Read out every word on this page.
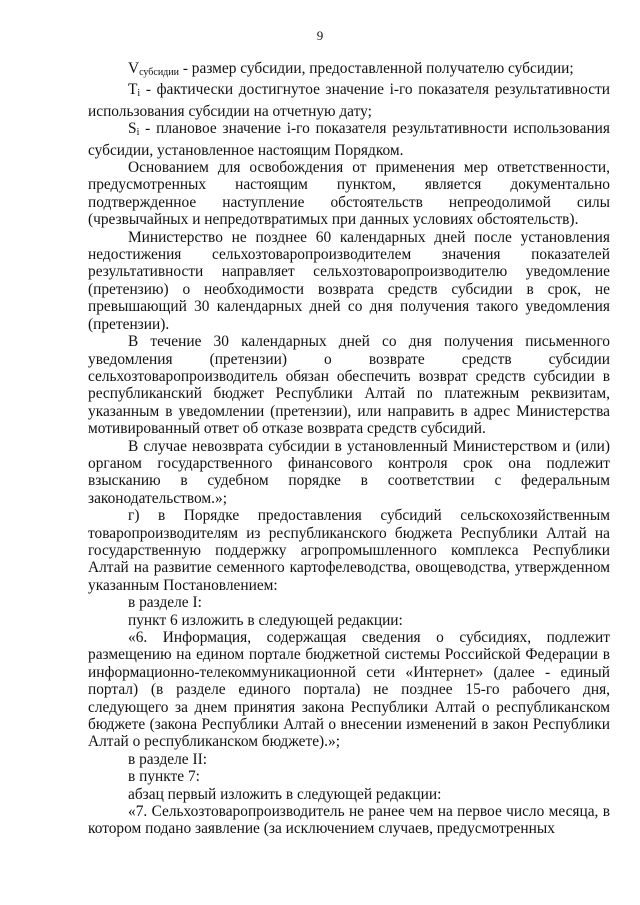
9

$V_{субсидии}$ - размер субсидии, предоставленной получателю субсидии;

$T_i$ - фактически достигнутое значение i-го показателя результативности использования субсидии на отчетную дату;

$S_i$ - плановое значение i-го показателя результативности использования субсидии, установленное настоящим Порядком.

Основанием для освобождения от применения мер ответственности, предусмотренных настоящим пунктом, является документально подтвержденное наступление обстоятельств непреодолимой силы (чрезвычайных и непредотвратимых при данных условиях обстоятельств).

Министерство не позднее 60 календарных дней после установления недостижения сельхозтоваропроизводителем значения показателей результативности направляет сельхозтоваропроизводителю уведомление (претензию) о необходимости возврата средств субсидии в срок, не превышающий 30 календарных дней со дня получения такого уведомления (претензии).

В течение 30 календарных дней со дня получения письменного уведомления (претензии) о возврате средств субсидии сельхозтоваропроизводитель обязан обеспечить возврат средств субсидии в республиканский бюджет Республики Алтай по платежным реквизитам, указанным в уведомлении (претензии), или направить в адрес Министерства мотивированный ответ об отказе возврата средств субсидий.

В случае невозврата субсидии в установленный Министерством и (или) органом государственного финансового контроля срок она подлежит взысканию в судебном порядке в соответствии с федеральным законодательством.»;

г) в Порядке предоставления субсидий сельскохозяйственным товаропроизводителям из республиканского бюджета Республики Алтай на государственную поддержку агропромышленного комплекса Республики Алтай на развитие семенного картофелеводства, овощеводства, утвержденном указанным Постановлением:

в разделе I:

пункт 6 изложить в следующей редакции:

«6. Информация, содержащая сведения о субсидиях, подлежит размещению на едином портале бюджетной системы Российской Федерации в информационно-телекоммуникационной сети «Интернет» (далее - единый портал) (в разделе единого портала) не позднее 15-го рабочего дня, следующего за днем принятия закона Республики Алтай о республиканском бюджете (закона Республики Алтай о внесении изменений в закон Республики Алтай о республиканском бюджете).»;

в разделе II:

в пункте 7:

абзац первый изложить в следующей редакции:

«7. Сельхозтоваропроизводитель не ранее чем на первое число месяца, в котором подано заявление (за исключением случаев, предусмотренных
